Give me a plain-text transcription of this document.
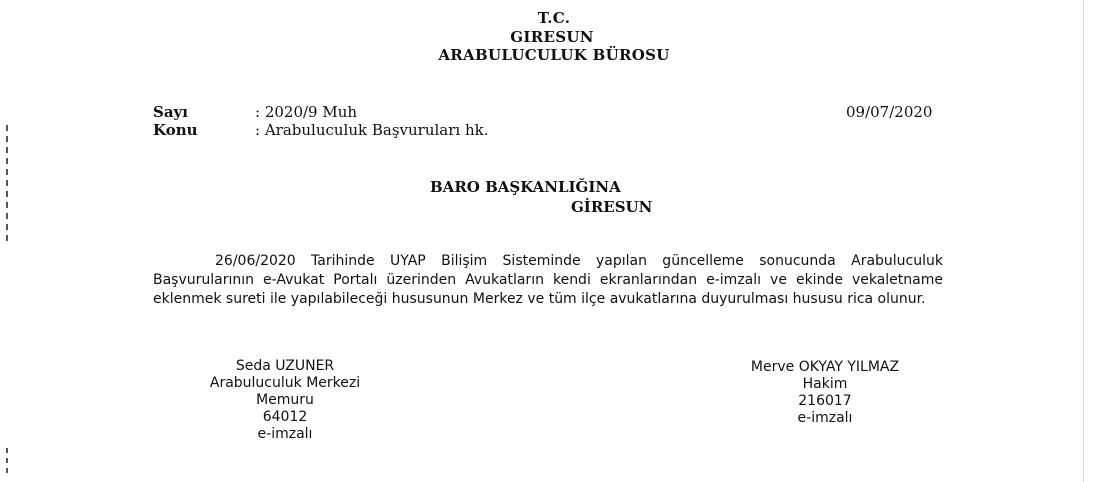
T.C.
GIRESUN
ARABULUCULUK BÜROSU
Sayı	: 2020/9 Muh	09/07/2020
Konu	: Arabuluculuk Başvuruları hk.
BARO BAŞKANLIĞINA
GİRESUN

26/06/2020 Tarihinde UYAP Bilişim Sisteminde yapılan güncelleme sonucunda Arabuluculuk Başvurularının e-Avukat Portalı üzerinden Avukatların kendi ekranlarından e-imzalı ve ekinde vekaletname eklenmek sureti ile yapılabileceği hususunun Merkez ve tüm ilçe avukatlarına duyurulması hususu rica olunur.

Seda UZUNER
Arabuluculuk Merkezi
Memuru
64012
e-imzalı
Merve OKYAY YILMAZ
Hakim
216017
e-imzalı
